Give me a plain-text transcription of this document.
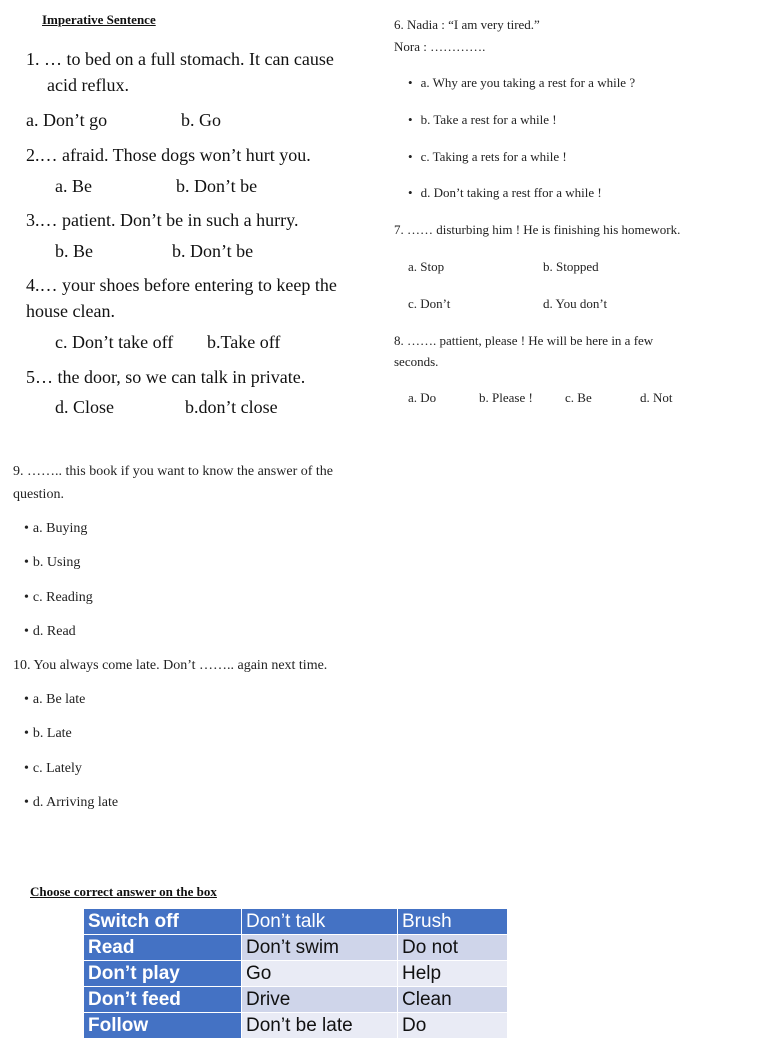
Imperative Sentence
1. … to bed on a full stomach. It can cause
acid reflux.
a. Don’t go	b. Go
2.… afraid. Those dogs won’t hurt you.
a. Be	b. Don’t be
3.… patient. Don’t be in such a hurry.
b. Be	b. Don’t be
4.… your shoes before entering to keep the
house clean.
c. Don’t take off b.Take off
5… the door, so we can talk in private.
d. Close	b.don’t close
6. Nadia : “I am very tired.”
Nora : ………….
• a. Why are you taking a rest for a while ?
• b. Take a rest for a while !
• c. Taking a rets for a while !
• d. Don’t taking a rest ffor a while !
7. …… disturbing him ! He is finishing his homework.
a. Stop	b. Stopped
c. Don’t	d. You don’t
8. ……. pattient, please ! He will be here in a few
seconds.
a. Do	b. Please ! c. Be	d. Not
9. …….. this book if you want to know the answer of the
question.
• a. Buying
• b. Using
• c. Reading
• d. Read
10. You always come late. Don’t …….. again next time.
• a. Be late
• b. Late
• c. Lately
• d. Arriving late
Choose correct answer on the box
Switch off	Don’t talk	Brush
Read	Don’t swim	Do not
Don’t play	Go	Help
Don’t feed	Drive	Clean
Follow	Don’t be late	Do
